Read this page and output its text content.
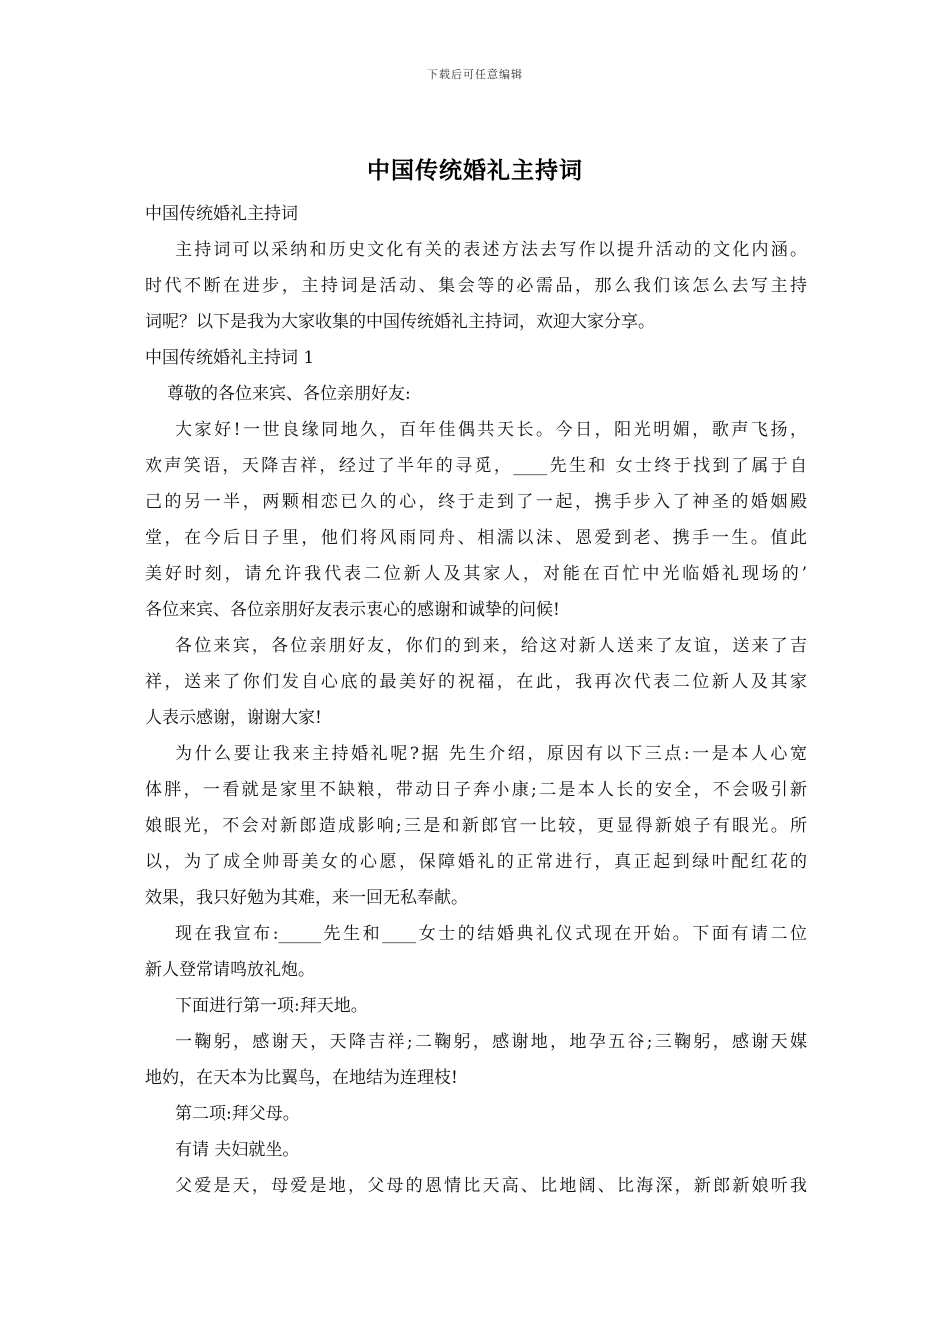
下载后可任意编辑
中国传统婚礼主持词

中国传统婚礼主持词

主持词可以采纳和历史文化有关的表述方法去写作以提升活动的文化内涵。

时代不断在进步，主持词是活动、集会等的必需品，那么我们该怎么去写主持

词呢？以下是我为大家收集的中国传统婚礼主持词，欢迎大家分享。

中国传统婚礼主持词 1

尊敬的各位来宾、各位亲朋好友:

大家好!一世良缘同地久，百年佳偶共天长。今日，阳光明媚，歌声飞扬，

欢声笑语，天降吉祥，经过了半年的寻觅，____先生和 女士终于找到了属于自

己的另一半，两颗相恋已久的心，终于走到了一起，携手步入了神圣的婚姻殿

堂，在今后日子里，他们将风雨同舟、相濡以沫、恩爱到老、携手一生。值此

美好时刻，请允许我代表二位新人及其家人，对能在百忙中光临婚礼现场的’

各位来宾、各位亲朋好友表示衷心的感谢和诚挚的问候!

各位来宾，各位亲朋好友，你们的到来，给这对新人送来了友谊，送来了吉

祥，送来了你们发自心底的最美好的祝福，在此，我再次代表二位新人及其家

人表示感谢，谢谢大家!

为什么要让我来主持婚礼呢?据 先生介绍，原因有以下三点:一是本人心宽

体胖，一看就是家里不缺粮，带动日子奔小康;二是本人长的安全，不会吸引新

娘眼光，不会对新郎造成影响;三是和新郎官一比较，更显得新娘子有眼光。所

以，为了成全帅哥美女的心愿，保障婚礼的正常进行，真正起到绿叶配红花的

效果，我只好勉为其难，来一回无私奉献。

现在我宣布:_____先生和____女士的结婚典礼仪式现在开始。下面有请二位

新人登常请鸣放礼炮。

下面进行第一项:拜天地。

一鞠躬，感谢天，天降吉祥;二鞠躬，感谢地，地孕五谷;三鞠躬，感谢天媒

地妁，在天本为比翼鸟，在地结为连理枝!

第二项:拜父母。

有请 夫妇就坐。

父爱是天，母爱是地，父母的恩情比天高、比地阔、比海深，新郎新娘听我
